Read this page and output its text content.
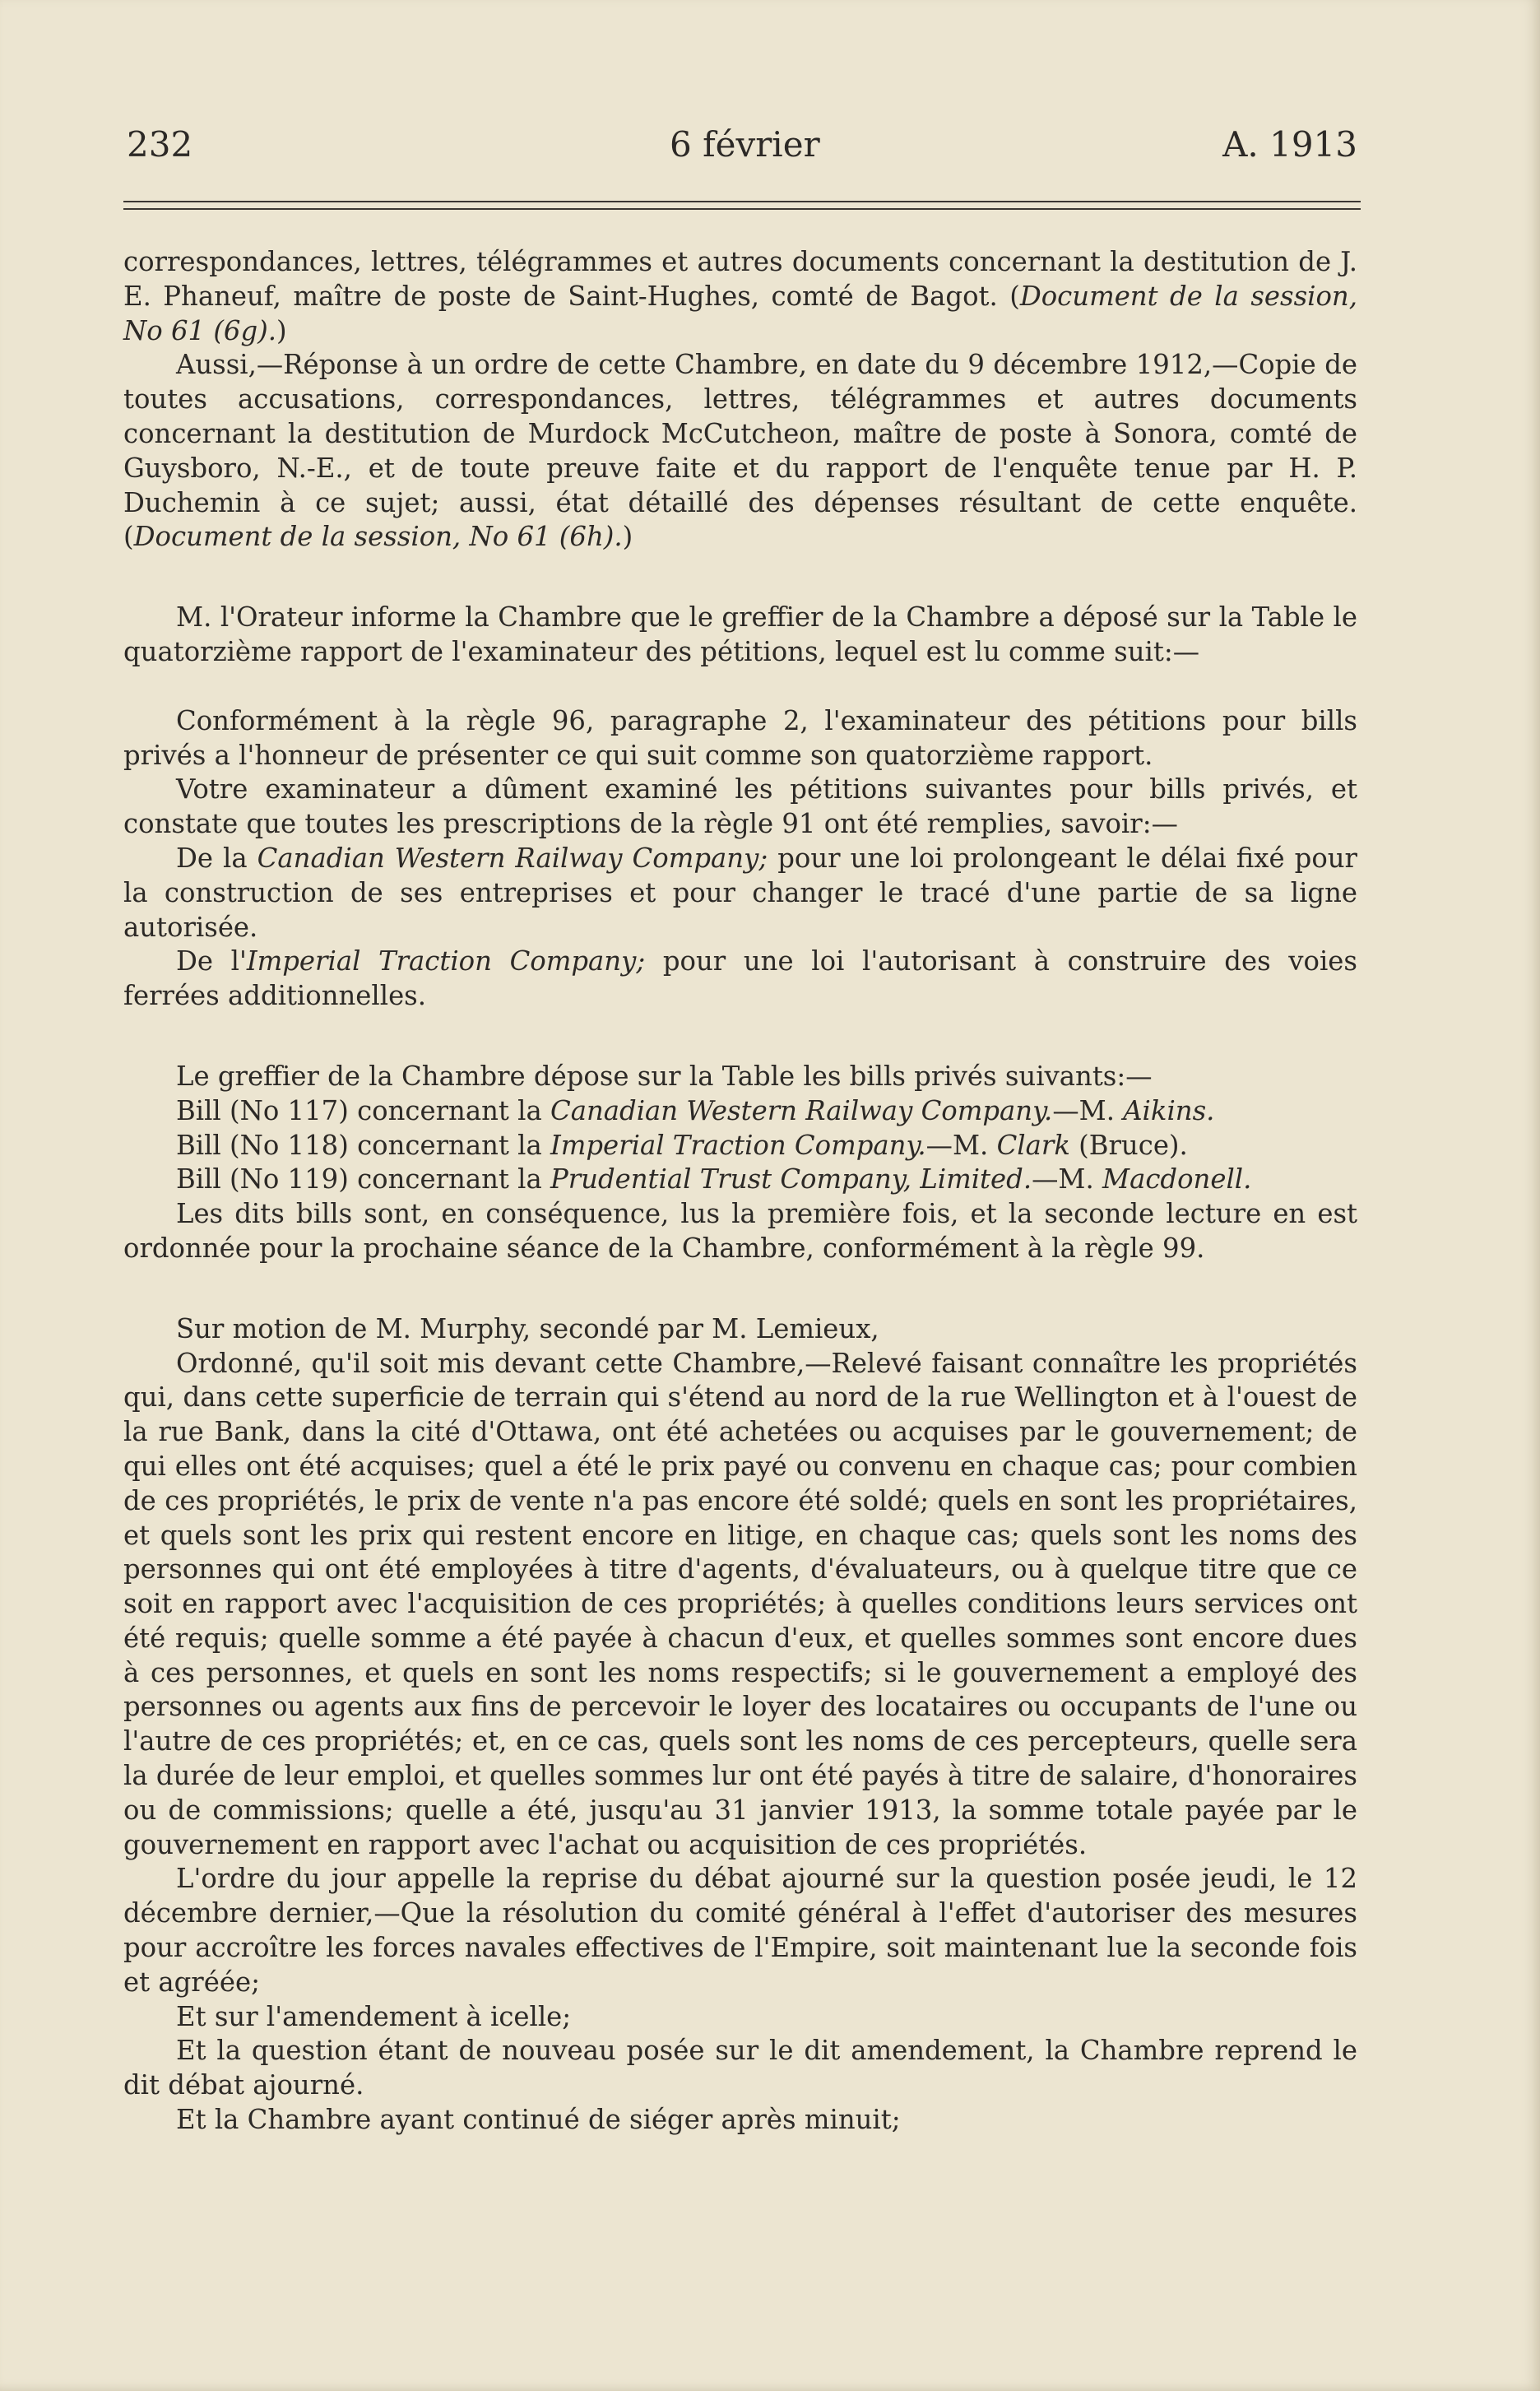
232	6 février	A. 1913

correspondances, lettres, télégrammes et autres documents concernant la destitution de J. E. Phaneuf, maître de poste de Saint-Hughes, comté de Bagot. (Document de la session, No 61 (6g).)

Aussi,—Réponse à un ordre de cette Chambre, en date du 9 décembre 1912,—Copie de toutes accusations, correspondances, lettres, télégrammes et autres documents concernant la destitution de Murdock McCutcheon, maître de poste à Sonora, comté de Guysboro, N.-E., et de toute preuve faite et du rapport de l'enquête tenue par H. P. Duchemin à ce sujet; aussi, état détaillé des dépenses résultant de cette enquête. (Document de la session, No 61 (6h).)

M. l'Orateur informe la Chambre que le greffier de la Chambre a déposé sur la Table le quatorzième rapport de l'examinateur des pétitions, lequel est lu comme suit:—

Conformément à la règle 96, paragraphe 2, l'examinateur des pétitions pour bills privés a l'honneur de présenter ce qui suit comme son quatorzième rapport.

Votre examinateur a dûment examiné les pétitions suivantes pour bills privés, et constate que toutes les prescriptions de la règle 91 ont été remplies, savoir:—

De la Canadian Western Railway Company; pour une loi prolongeant le délai fixé pour la construction de ses entreprises et pour changer le tracé d'une partie de sa ligne autorisée.

De l'Imperial Traction Company; pour une loi l'autorisant à construire des voies ferrées additionnelles.

Le greffier de la Chambre dépose sur la Table les bills privés suivants:—

Bill (No 117) concernant la Canadian Western Railway Company.—M. Aikins.

Bill (No 118) concernant la Imperial Traction Company.—M. Clark (Bruce).

Bill (No 119) concernant la Prudential Trust Company, Limited.—M. Macdonell.

Les dits bills sont, en conséquence, lus la première fois, et la seconde lecture en est ordonnée pour la prochaine séance de la Chambre, conformément à la règle 99.

Sur motion de M. Murphy, secondé par M. Lemieux,

Ordonné, qu'il soit mis devant cette Chambre,—Relevé faisant connaître les propriétés qui, dans cette superficie de terrain qui s'étend au nord de la rue Wellington et à l'ouest de la rue Bank, dans la cité d'Ottawa, ont été achetées ou acquises par le gouvernement; de qui elles ont été acquises; quel a été le prix payé ou convenu en chaque cas; pour combien de ces propriétés, le prix de vente n'a pas encore été soldé; quels en sont les propriétaires, et quels sont les prix qui restent encore en litige, en chaque cas; quels sont les noms des personnes qui ont été employées à titre d'agents, d'évaluateurs, ou à quelque titre que ce soit en rapport avec l'acquisition de ces propriétés; à quelles conditions leurs services ont été requis; quelle somme a été payée à chacun d'eux, et quelles sommes sont encore dues à ces personnes, et quels en sont les noms respectifs; si le gouvernement a employé des personnes ou agents aux fins de percevoir le loyer des locataires ou occupants de l'une ou l'autre de ces propriétés; et, en ce cas, quels sont les noms de ces percepteurs, quelle sera la durée de leur emploi, et quelles sommes lur ont été payés à titre de salaire, d'honoraires ou de commissions; quelle a été, jusqu'au 31 janvier 1913, la somme totale payée par le gouvernement en rapport avec l'achat ou acquisition de ces propriétés.

L'ordre du jour appelle la reprise du débat ajourné sur la question posée jeudi, le 12 décembre dernier,—Que la résolution du comité général à l'effet d'autoriser des mesures pour accroître les forces navales effectives de l'Empire, soit maintenant lue la seconde fois et agréée;

Et sur l'amendement à icelle;

Et la question étant de nouveau posée sur le dit amendement, la Chambre reprend le dit débat ajourné.

Et la Chambre ayant continué de siéger après minuit;
